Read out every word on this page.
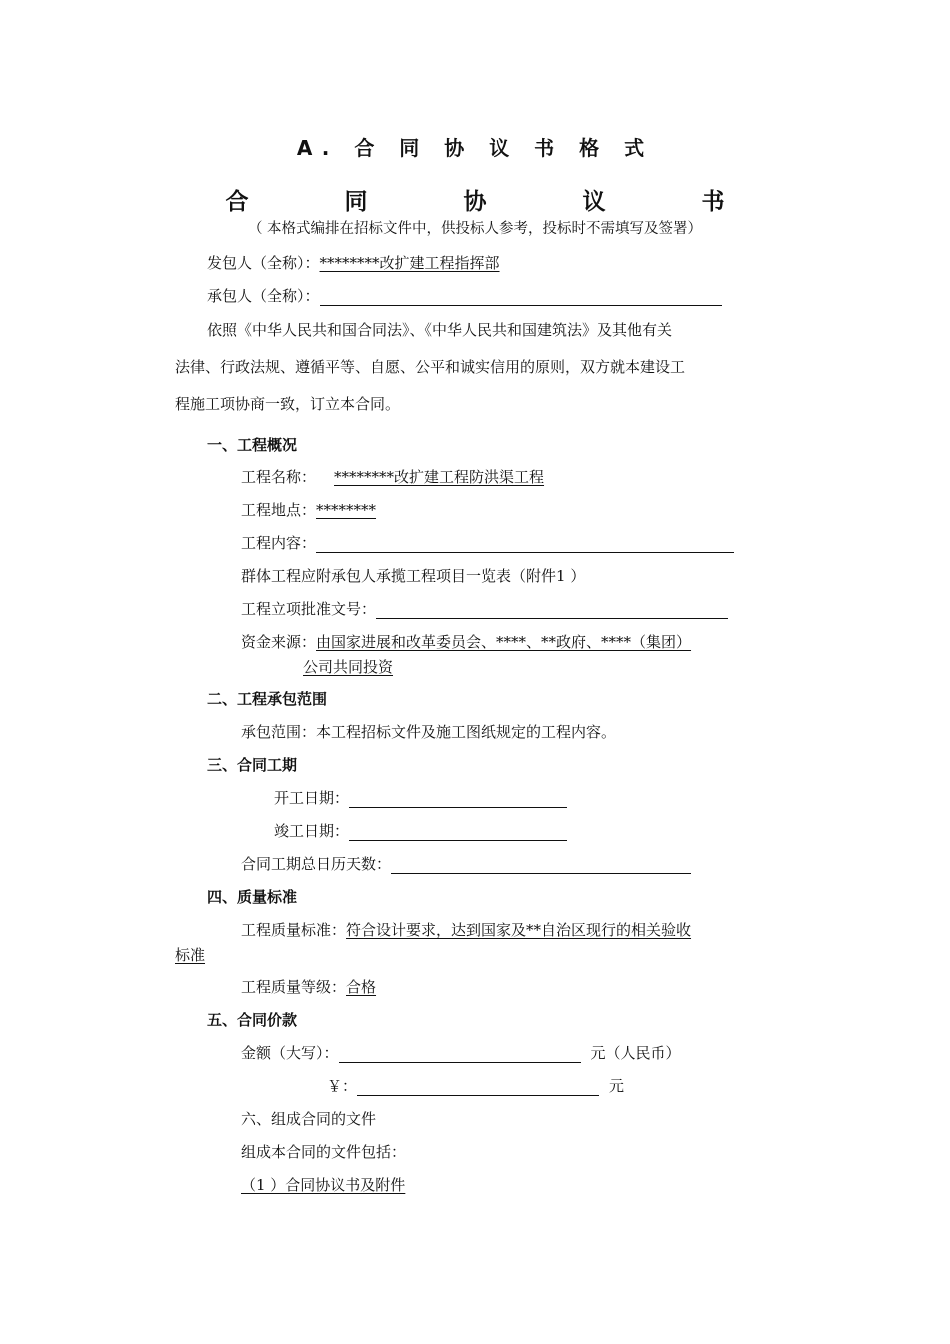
A. 合 同 协 议 书 格 式
合 同 协 议 书
（ 本格式编排在招标文件中，供投标人参考，投标时不需填写及签署）
发包人（全称）：********改扩建工程指挥部
承包人（全称）：
依照《中华人民共和国合同法》、《中华人民共和国建筑法》及其他有关
法律、行政法规、遵循平等、自愿、公平和诚实信用的原则，双方就本建设工
程施工项协商一致，订立本合同。
一、工程概况
工程名称： ********改扩建工程防洪渠工程
工程地点：********
工程内容：
群体工程应附承包人承揽工程项目一览表（附件1 ）
工程立项批准文号：
资金来源：由国家进展和改革委员会、****、**政府、****（集团）
公司共同投资
二、工程承包范围
承包范围：本工程招标文件及施工图纸规定的工程内容。
三、合同工期
开工日期：
竣工日期：
合同工期总日历天数：
四、质量标准
工程质量标准：符合设计要求，达到国家及**自治区现行的相关验收
标准
工程质量等级：合格
五、合同价款
金额（大写）：	元（人民币）
￥：	元
六、组成合同的文件
组成本合同的文件包括：
（1 ）合同协议书及附件
